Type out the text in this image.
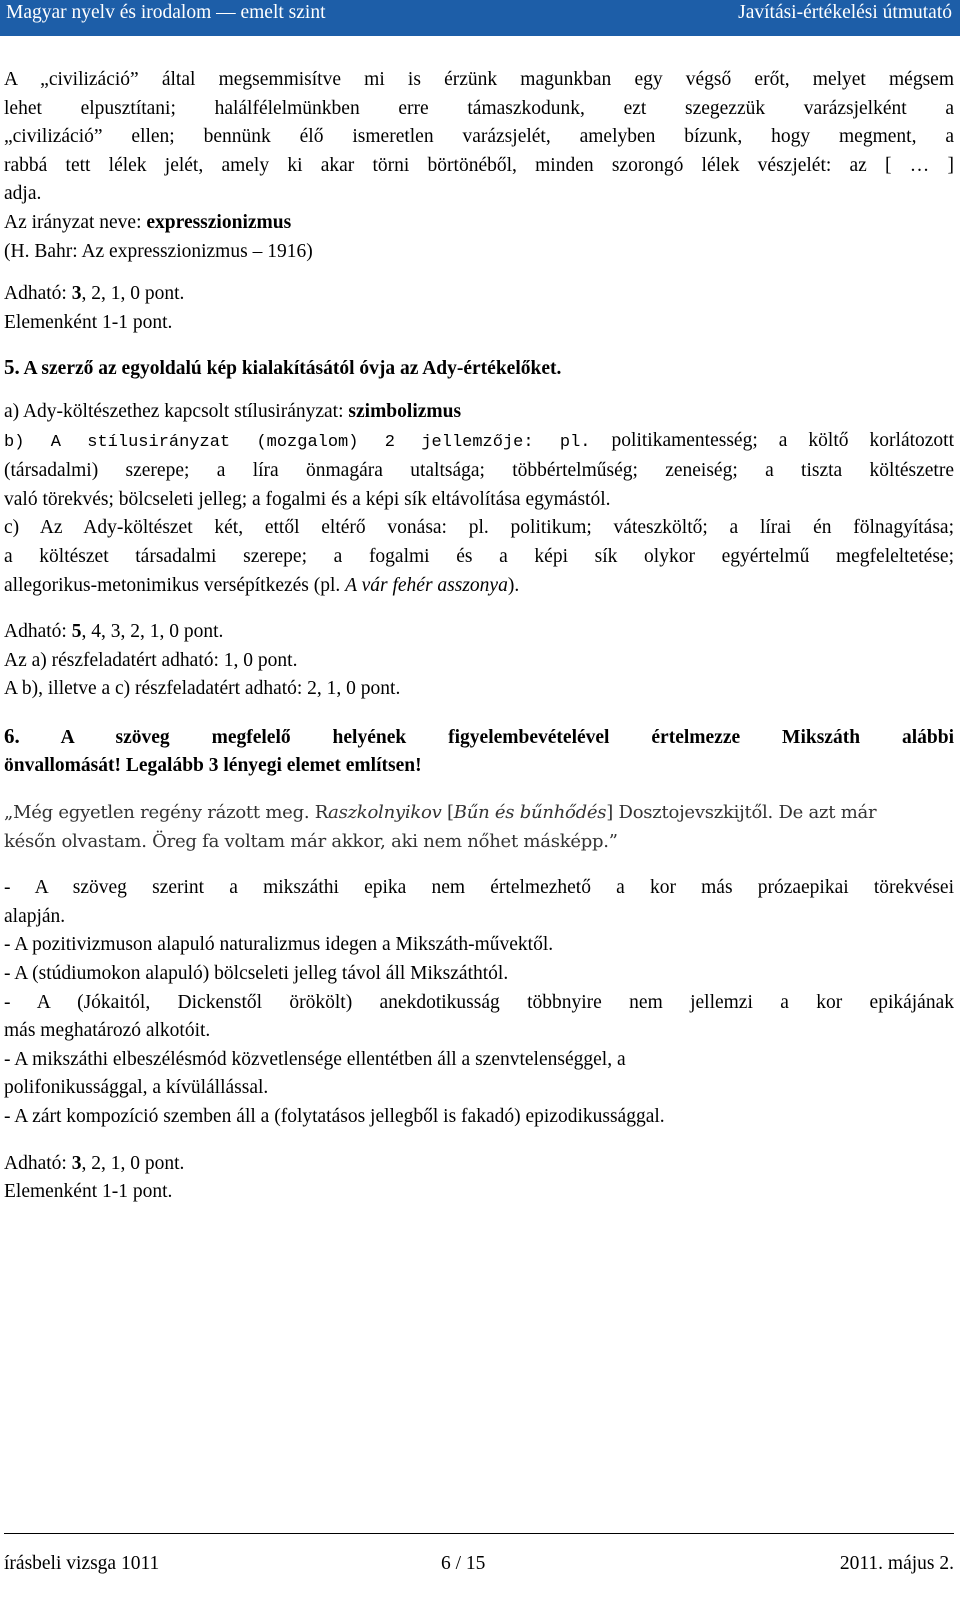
Magyar nyelv és irodalom — emelt szint	Javítási-értékelési útmutató

A „civilizáció” által megsemmisítve mi is érzünk magunkban egy végső erőt, melyet mégsem

lehet elpusztítani; halálfélelmünkben erre támaszkodunk, ezt szegezzük varázsjelként a

„civilizáció” ellen; bennünk élő ismeretlen varázsjelét, amelyben bízunk, hogy megment, a

rabbá tett lélek jelét, amely ki akar törni börtönéből, minden szorongó lélek vészjelét: az [ … ]

adja.

Az irányzat neve: expresszionizmus

(H. Bahr: Az expresszionizmus – 1916)

Adható: 3, 2, 1, 0 pont.

Elemenként 1-1 pont.

5. A szerző az egyoldalú kép kialakításától óvja az Ady-értékelőket.

a) Ady-költészethez kapcsolt stílusirányzat: szimbolizmus

b) A stílusirányzat (mozgalom) 2 jellemzője: pl. politikamentesség; a költő korlátozott

(társadalmi) szerepe; a líra önmagára utaltsága; többértelműség; zeneiség; a tiszta költészetre

való törekvés; bölcseleti jelleg; a fogalmi és a képi sík eltávolítása egymástól.

c) Az Ady-költészet két, ettől eltérő vonása: pl. politikum; váteszköltő; a lírai én fölnagyítása;

a költészet társadalmi szerepe; a fogalmi és a képi sík olykor egyértelmű megfeleltetése;

allegorikus-metonimikus versépítkezés (pl. A vár fehér asszonya).

Adható: 5, 4, 3, 2, 1, 0 pont.

Az a) részfeladatért adható: 1, 0 pont.

A b), illetve a c) részfeladatért adható: 2, 1, 0 pont.

6. A szöveg megfelelő helyének figyelembevételével értelmezze Mikszáth alábbi

önvallomását! Legalább 3 lényegi elemet említsen!

„Még egyetlen regény rázott meg. Raszkolnyikov [Bűn és bűnhődés] Dosztojevszkijtől. De azt már

későn olvastam. Öreg fa voltam már akkor, aki nem nőhet másképp.”

- A szöveg szerint a mikszáthi epika nem értelmezhető a kor más prózaepikai törekvései

alapján.

- A pozitivizmuson alapuló naturalizmus idegen a Mikszáth-művektől.

- A (stúdiumokon alapuló) bölcseleti jelleg távol áll Mikszáthtól.

- A (Jókaitól, Dickenstől örökölt) anekdotikusság többnyire nem jellemzi a kor epikájának

más meghatározó alkotóit.

- A mikszáthi elbeszélésmód közvetlensége ellentétben áll a szenvtelenséggel, a

polifonikussággal, a kívülállással.

- A zárt kompozíció szemben áll a (folytatásos jellegből is fakadó) epizodikussággal.

Adható: 3, 2, 1, 0 pont.

Elemenként 1-1 pont.

írásbeli vizsga 1011	6 / 15	2011. május 2.
